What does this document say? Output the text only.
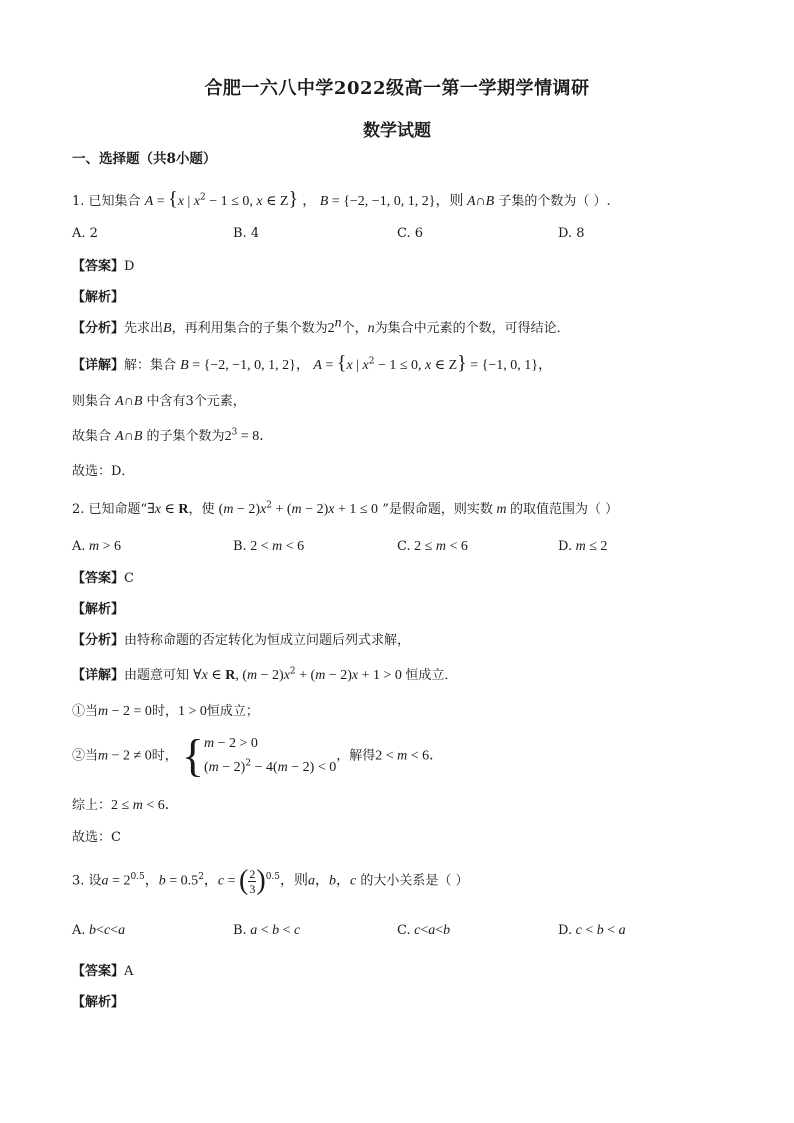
合肥一六八中学2022级高一第一学期学情调研
数学试题
一、选择题（共8小题）
1. 已知集合 A = {x | $x^2 - 1 \le 0$, x ∈ Z} ， B = {−2, −1, 0, 1, 2}，则 A∩B 子集的个数为（ ）.
A. 2	B. 4	C. 6	D. 8
【答案】D
【解析】
【分析】先求出B，再利用集合的子集个数为2$^n$个，n为集合中元素的个数，可得结论．
【详解】解：集合 B = {−2, −1, 0, 1, 2}， A = {x | $x^2 - 1 \le 0$, x ∈ Z} = {−1, 0, 1}，
则集合 A∩B 中含有3个元素，
故集合 A∩B 的子集个数为$2^3 = 8$．
故选：D．
2. 已知命题“∃x ∈ R，使 $(m - 2)x^2 + (m - 2)x + 1 \le 0$ ”是假命题，则实数 m 的取值范围为（ ）
A. m > 6	B. 2 < m < 6	C. 2 ≤ m < 6	D. m ≤ 2
【答案】C
【解析】
【分析】由特称命题的否定转化为恒成立问题后列式求解，
【详解】由题意可知 ∀x ∈ R, $(m - 2)x^2 + (m - 2)x + 1 > 0$ 恒成立．
①当m − 2 = 0时，1 > 0恒成立；
②当m − 2 ≠ 0时， { m − 2 > 0
$(m - 2)^2 - 4(m - 2) < 0$
，解得2 < m < 6．
综上：2 ≤ m < 6．
故选：C
3. 设$a = 2^{0.5}$，$b = 0.5^2$，c = ( $\frac{2}{3} )^{0.5}$，则a，b，c 的大小关系是（ ）
A. b<c<a	B. a < b < c	C. c<a<b	D. c < b < a
【答案】A
【解析】
